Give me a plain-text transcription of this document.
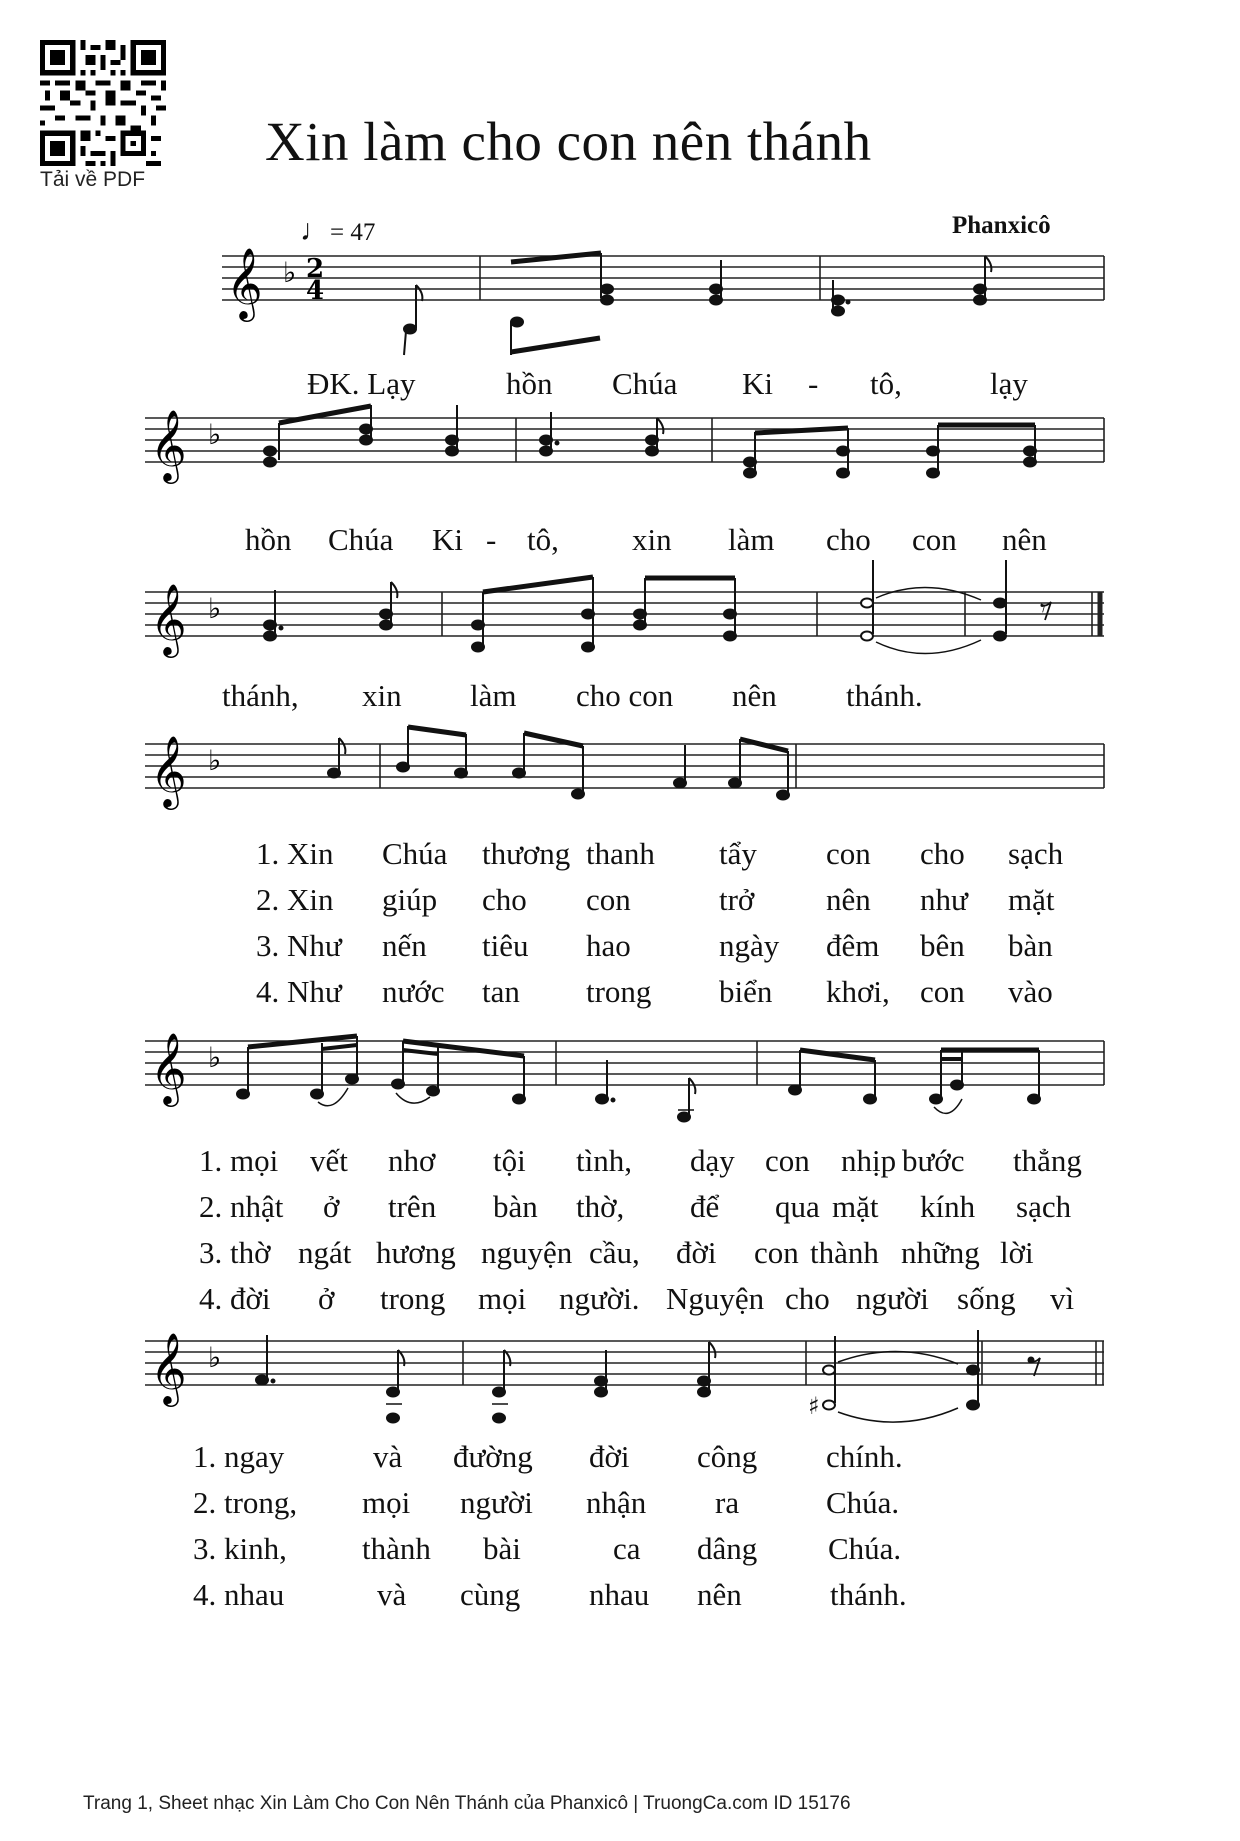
Tải về PDF
Xin làm cho con nên thánh
♩= 47	Phanxicô
𝄞 ♭ 2
4
ĐK. Lạy	hồn Chúa Ki - tô,	lạy
𝄞 ♭
hồn Chúa Ki - tô, xin làm cho con nên
𝄞 ♭	𝄾
thánh, xin làm cho con nên thánh.
𝄞 ♭
1. Xin Chúa thương thanh tẩy con cho sạch
2. Xin giúp cho con	trở nên như mặt
3. Như nến tiêu hao	ngày đêm bên bàn
4. Như nước tan trong biển khơi, con vào
𝄞 ♭
1. mọi vết nhơ tội tình, dạy con nhịp bước thẳng
2. nhật ở trên bàn thờ, để qua mặt kính sạch
3. thờ ngát hương nguyện cầu, đời con thành những lời
4. đời ở trong mọi người. Nguyện cho người sống vì
𝄞 ♭
♯
1. ngay	và đường đời công chính.
2. trong, mọi người nhận ra	Chúa.
3. kinh, thành bài	ca dâng Chúa.
4. nhau	và cùng nhau nên	thánh.
Trang 1, Sheet nhạc Xin Làm Cho Con Nên Thánh của Phanxicô | TruongCa.com ID 15176
